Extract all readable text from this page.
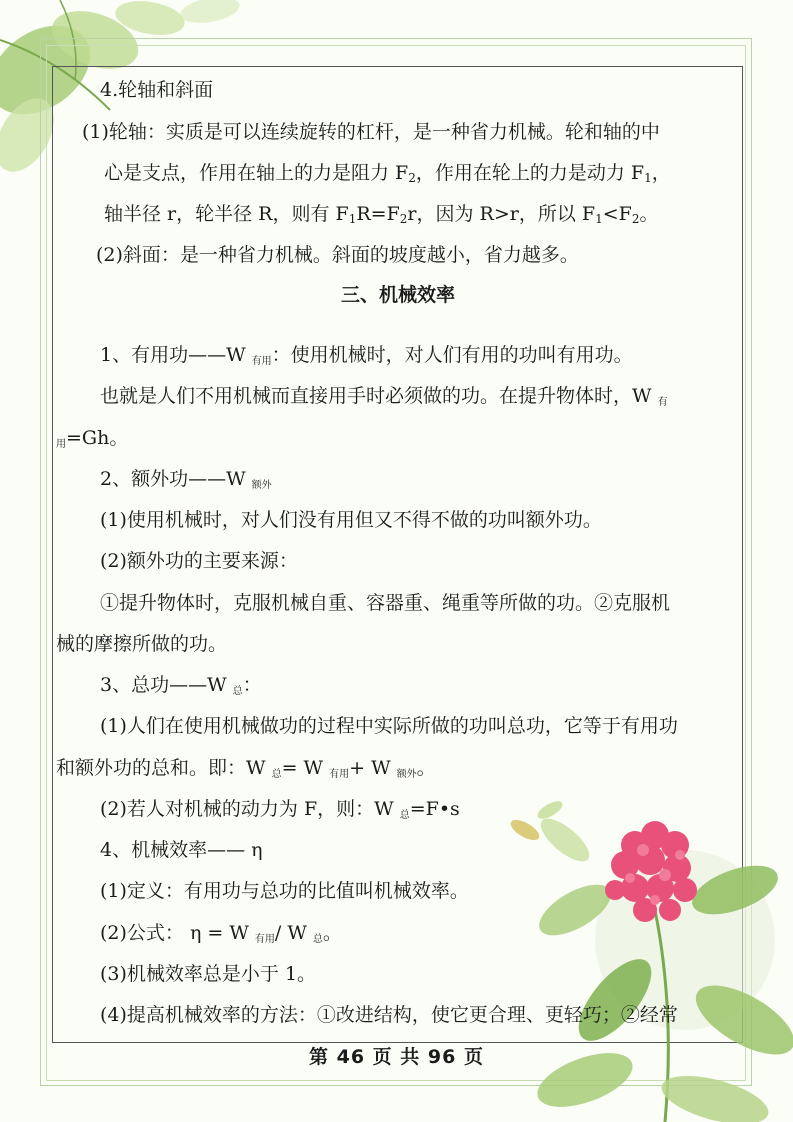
4.轮轴和斜面
(1)轮轴：实质是可以连续旋转的杠杆，是一种省力机械。轮和轴的中
心是支点，作用在轴上的力是阻力 $F_2$，作用在轮上的力是动力 $F_1$，
轴半径 r，轮半径 R，则有 $F_1R=F_2r$，因为 R>r，所以 $F_1<F_2$。
(2)斜面：是一种省力机械。斜面的坡度越小，省力越多。
三、机械效率
1、有用功——W $_{有用}$：使用机械时，对人们有用的功叫有用功。
也就是人们不用机械而直接用手时必须做的功。在提升物体时，W $_有$
$_用$=Gh。
2、额外功——W $_{额外}$
(1)使用机械时，对人们没有用但又不得不做的功叫额外功。
(2)额外功的主要来源：
①提升物体时，克服机械自重、容器重、绳重等所做的功。②克服机
械的摩擦所做的功。
3、总功——W $_总$：
(1)人们在使用机械做功的过程中实际所做的功叫总功，它等于有用功
和额外功的总和。即：W $_总$= W $_{有用}$+ W $_{额外}$。
(2)若人对机械的动力为 F，则：W $_总$=F•s
4、机械效率—— η
(1)定义：有用功与总功的比值叫机械效率。
(2)公式： η = W $_{有用}$/ W $_总$。
(3)机械效率总是小于 1。
(4)提高机械效率的方法：①改进结构，使它更合理、更轻巧；②经常
第 46 页 共 96 页
